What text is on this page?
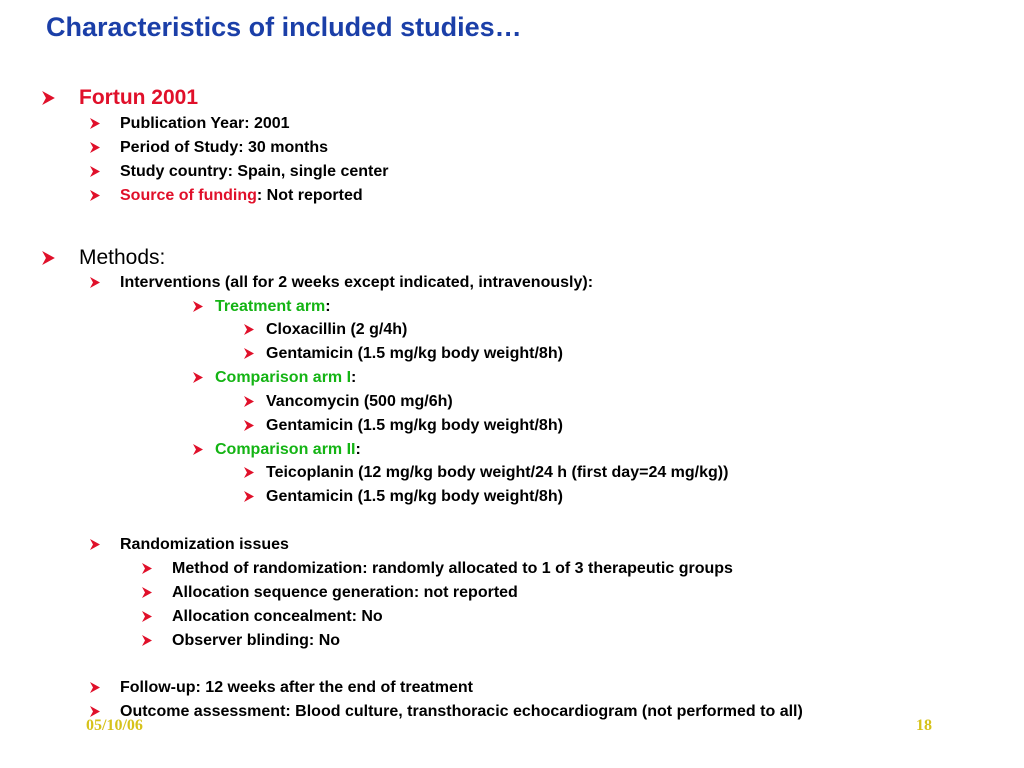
Characteristics of included studies…
Fortun 2001
Publication Year: 2001
Period of Study: 30 months
Study country: Spain, single center
Source of funding : Not reported
Methods:
Interventions (all for 2 weeks except indicated, intravenously):
Treatment arm :
Cloxacillin (2 g/4h)
Gentamicin (1.5 mg/kg body weight/8h)
Comparison arm I :
Vancomycin (500 mg/6h)
Gentamicin (1.5 mg/kg body weight/8h)
Comparison arm II :
Teicoplanin (12 mg/kg body weight/24 h (first day=24 mg/kg))
Gentamicin (1.5 mg/kg body weight/8h)
Randomization issues
Method of randomization: randomly allocated to 1 of 3 therapeutic groups
Allocation sequence generation: not reported
Allocation concealment: No
Observer blinding: No
Follow-up: 12 weeks after the end of treatment
Outcome assessment: Blood culture, transthoracic echocardiogram (not performed to all)
05/10/06	18
